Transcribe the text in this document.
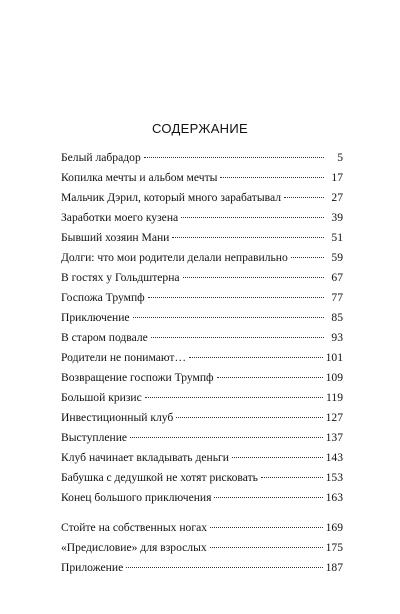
СОДЕРЖАНИЕ
Белый лабрадор	5
Копилка мечты и альбом мечты	17
Мальчик Дэрил, который много зарабатывал	27
Заработки моего кузена	39
Бывший хозяин Мани	51
Долги: что мои родители делали неправильно	59
В гостях у Гольдштерна	67
Госпожа Трумпф	77
Приключение	85
В старом подвале	93
Родители не понимают…	101
Возвращение госпожи Трумпф	109
Большой кризис	119
Инвестиционный клуб	127
Выступление	137
Клуб начинает вкладывать деньги	143
Бабушка с дедушкой не хотят рисковать	153
Конец большого приключения	163
Стойте на собственных ногах	169
«Предисловие» для взрослых	175
Приложение	187
